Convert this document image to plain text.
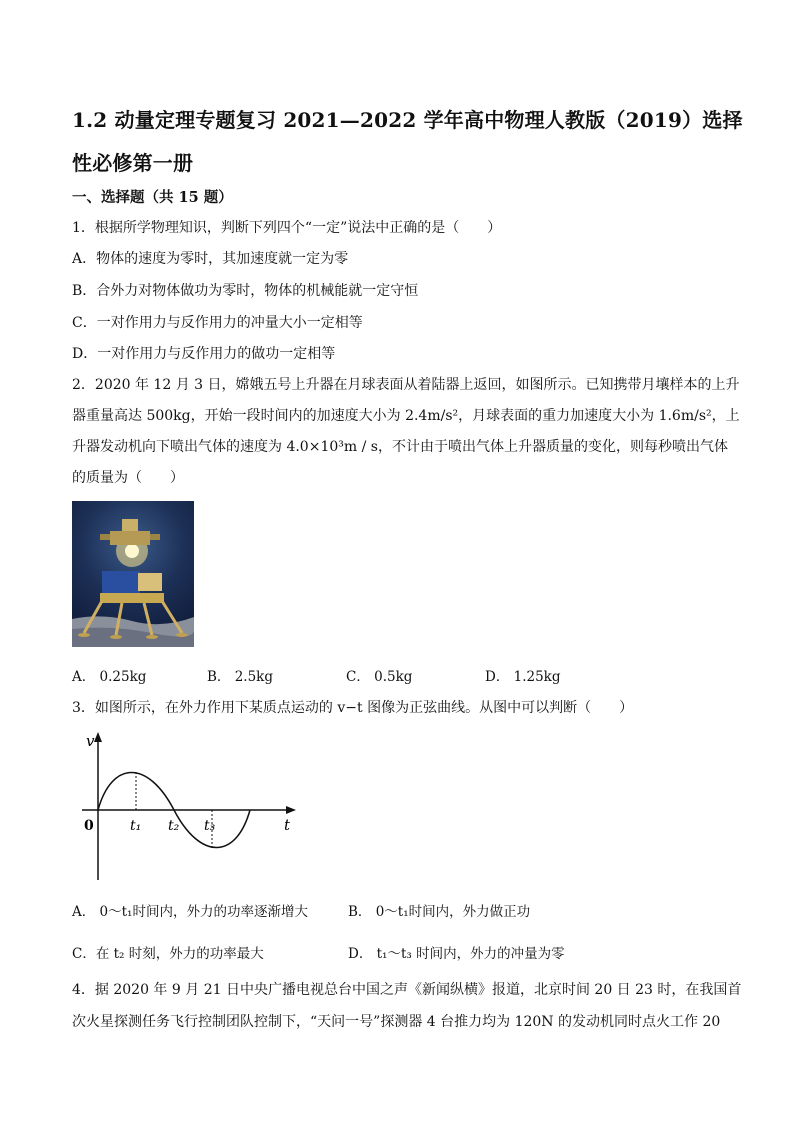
1.2 动量定理专题复习 2021—2022 学年高中物理人教版（2019）选择
性必修第一册
一、选择题（共 15 题）
1．根据所学物理知识，判断下列四个“一定”说法中正确的是（　　）
A．物体的速度为零时，其加速度就一定为零
B．合外力对物体做功为零时，物体的机械能就一定守恒
C．一对作用力与反作用力的冲量大小一定相等
D．一对作用力与反作用力的做功一定相等
2．2020 年 12 月 3 日，嫦娥五号上升器在月球表面从着陆器上返回，如图所示。已知携带月壤样本的上升
器重量高达 500kg，开始一段时间内的加速度大小为 2.4m/s²，月球表面的重力加速度大小为 1.6m/s²，上
升器发动机向下喷出气体的速度为 4.0×10³m / s，不计由于喷出气体上升器质量的变化，则每秒喷出气体
的质量为（　　）
A． 0.25kg	B． 2.5kg	C． 0.5kg	D． 1.25kg
3．如图所示，在外力作用下某质点运动的 v−t 图像为正弦曲线。从图中可以判断（　　）
v
t
0	t₁ t₂ t₃
A． 0～t₁时间内，外力的功率逐渐增大	B． 0～t₁时间内，外力做正功
C．在 t₂ 时刻，外力的功率最大	D． t₁～t₃ 时间内，外力的冲量为零
4．据 2020 年 9 月 21 日中央广播电视总台中国之声《新闻纵横》报道，北京时间 20 日 23 时，在我国首
次火星探测任务飞行控制团队控制下，“天问一号”探测器 4 台推力均为 120N 的发动机同时点火工作 20
